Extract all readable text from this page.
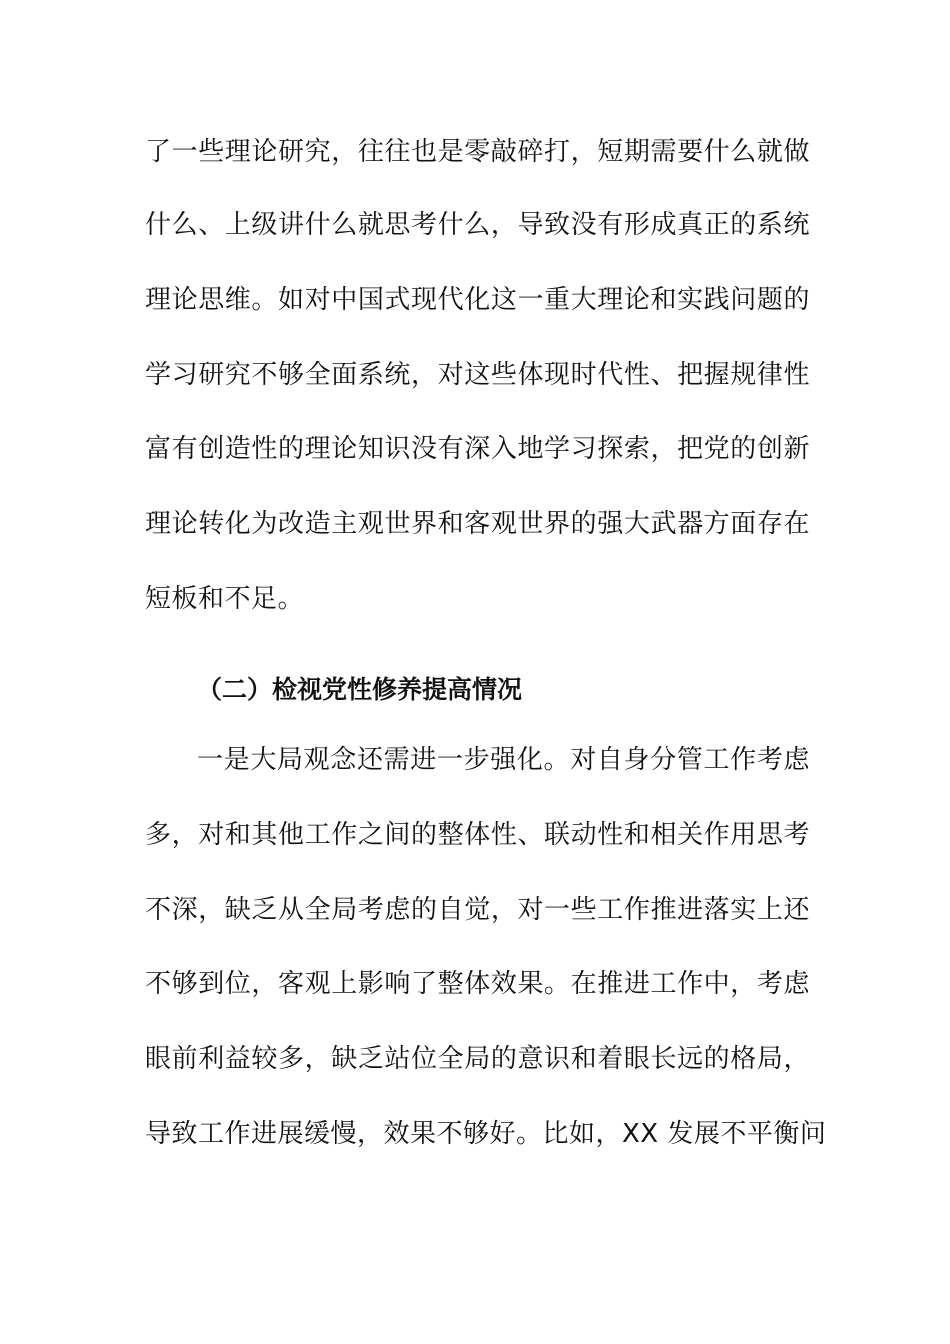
了一些理论研究，往往也是零敲碎打，短期需要什么就做
什么、上级讲什么就思考什么，导致没有形成真正的系统
理论思维。如对中国式现代化这一重大理论和实践问题的
学习研究不够全面系统，对这些体现时代性、把握规律性
富有创造性的理论知识没有深入地学习探索，把党的创新
理论转化为改造主观世界和客观世界的强大武器方面存在
短板和不足。
（二）检视党性修养提高情况
一是大局观念还需进一步强化。对自身分管工作考虑
多，对和其他工作之间的整体性、联动性和相关作用思考
不深，缺乏从全局考虑的自觉，对一些工作推进落实上还
不够到位，客观上影响了整体效果。在推进工作中，考虑
眼前利益较多，缺乏站位全局的意识和着眼长远的格局，
导致工作进展缓慢，效果不够好。比如，XX 发展不平衡问
